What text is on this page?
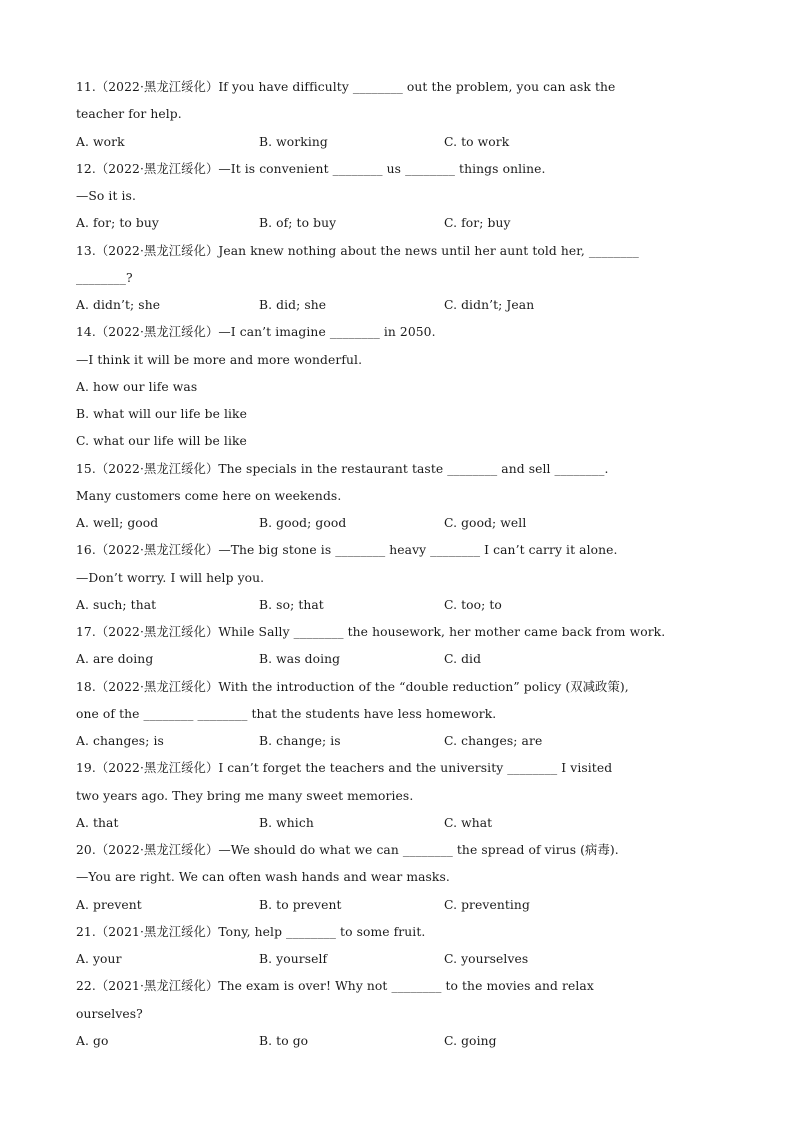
11.（2022·黑龙江绥化）If you have difficulty ________ out the problem, you can ask the
teacher for help.
A. work	B. working	C. to work
12.（2022·黑龙江绥化）—It is convenient ________ us ________ things online.
—So it is.
A. for; to buy	B. of; to buy	C. for; buy
13.（2022·黑龙江绥化）Jean knew nothing about the news until her aunt told her, ________
________?
A. didn’t; she	B. did; she	C. didn’t; Jean
14.（2022·黑龙江绥化）—I can’t imagine ________ in 2050.
—I think it will be more and more wonderful.
A. how our life was
B. what will our life be like
C. what our life will be like
15.（2022·黑龙江绥化）The specials in the restaurant taste ________ and sell ________.
Many customers come here on weekends.
A. well; good	B. good; good	C. good; well
16.（2022·黑龙江绥化）—The big stone is ________ heavy ________ I can’t carry it alone.
—Don’t worry. I will help you.
A. such; that	B. so; that	C. too; to
17.（2022·黑龙江绥化）While Sally ________ the housework, her mother came back from work.
A. are doing	B. was doing	C. did
18.（2022·黑龙江绥化）With the introduction of the “double reduction” policy (双减政策),
one of the ________ ________ that the students have less homework.
A. changes; is	B. change; is	C. changes; are
19.（2022·黑龙江绥化）I can’t forget the teachers and the university ________ I visited
two years ago. They bring me many sweet memories.
A. that	B. which	C. what
20.（2022·黑龙江绥化）—We should do what we can ________ the spread of virus (病毒).
—You are right. We can often wash hands and wear masks.
A. prevent	B. to prevent	C. preventing
21.（2021·黑龙江绥化）Tony, help ________ to some fruit.
A. your	B. yourself	C. yourselves
22.（2021·黑龙江绥化）The exam is over! Why not ________ to the movies and relax
ourselves?
A. go	B. to go	C. going
